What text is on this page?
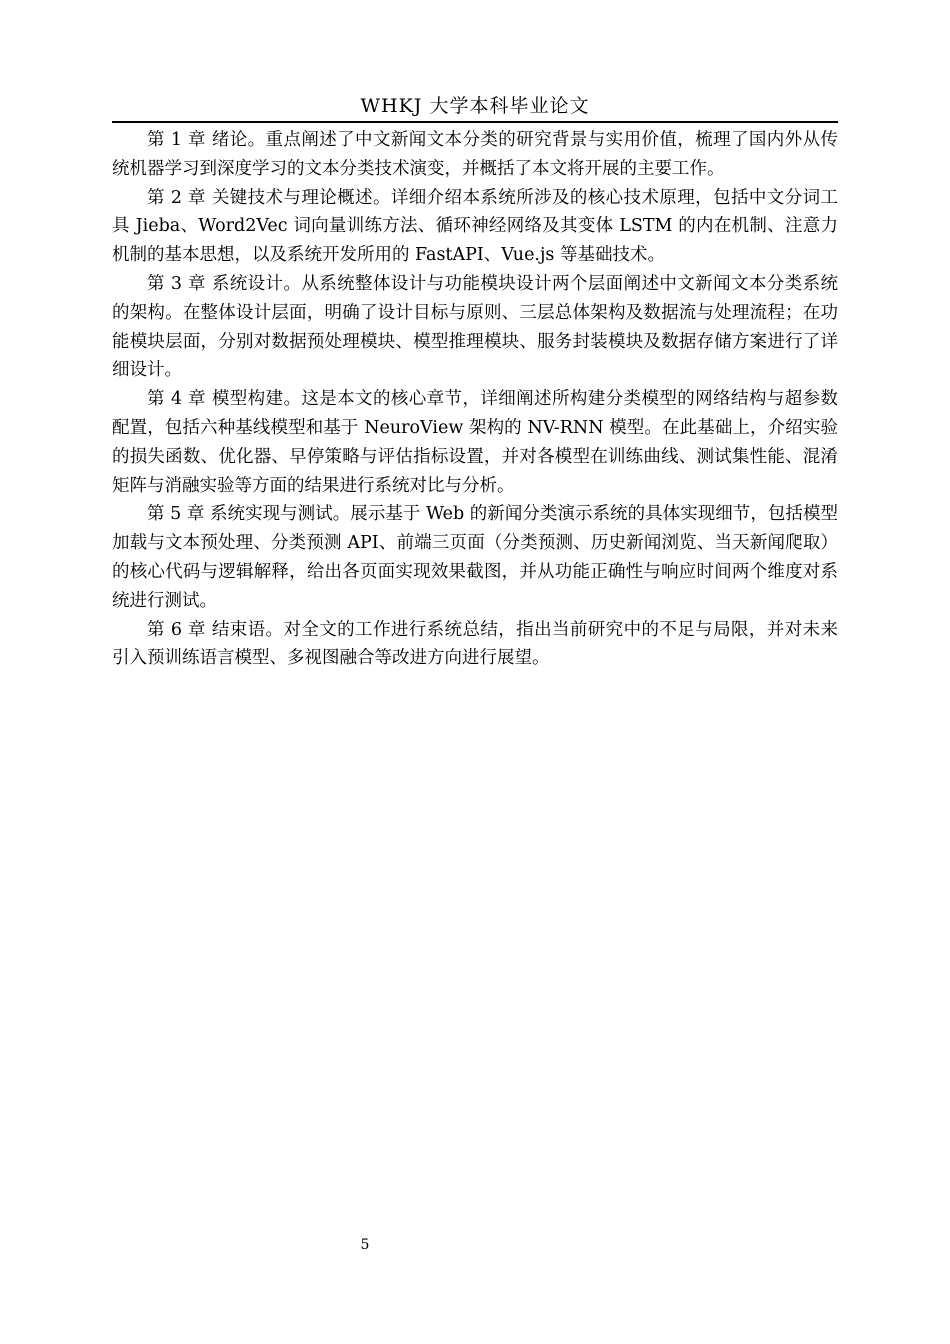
WHKJ 大学本科毕业论文

第 1 章 绪论。重点阐述了中文新闻文本分类的研究背景与实用价值，梳理了国内外从传统机器学习到深度学习的文本分类技术演变，并概括了本文将开展的主要工作。

第 2 章 关键技术与理论概述。详细介绍本系统所涉及的核心技术原理，包括中文分词工具 Jieba、Word2Vec 词向量训练方法、循环神经网络及其变体 LSTM 的内在机制、注意力机制的基本思想，以及系统开发所用的 FastAPI、Vue.js 等基础技术。

第 3 章 系统设计。从系统整体设计与功能模块设计两个层面阐述中文新闻文本分类系统的架构。在整体设计层面，明确了设计目标与原则、三层总体架构及数据流与处理流程；在功能模块层面，分别对数据预处理模块、模型推理模块、服务封装模块及数据存储方案进行了详细设计。

第 4 章 模型构建。这是本文的核心章节，详细阐述所构建分类模型的网络结构与超参数配置，包括六种基线模型和基于 NeuroView 架构的 NV-RNN 模型。在此基础上，介绍实验的损失函数、优化器、早停策略与评估指标设置，并对各模型在训练曲线、测试集性能、混淆矩阵与消融实验等方面的结果进行系统对比与分析。

第 5 章 系统实现与测试。展示基于 Web 的新闻分类演示系统的具体实现细节，包括模型加载与文本预处理、分类预测 API、前端三页面（分类预测、历史新闻浏览、当天新闻爬取）的核心代码与逻辑解释，给出各页面实现效果截图，并从功能正确性与响应时间两个维度对系统进行测试。

第 6 章 结束语。对全文的工作进行系统总结，指出当前研究中的不足与局限，并对未来引入预训练语言模型、多视图融合等改进方向进行展望。

5
